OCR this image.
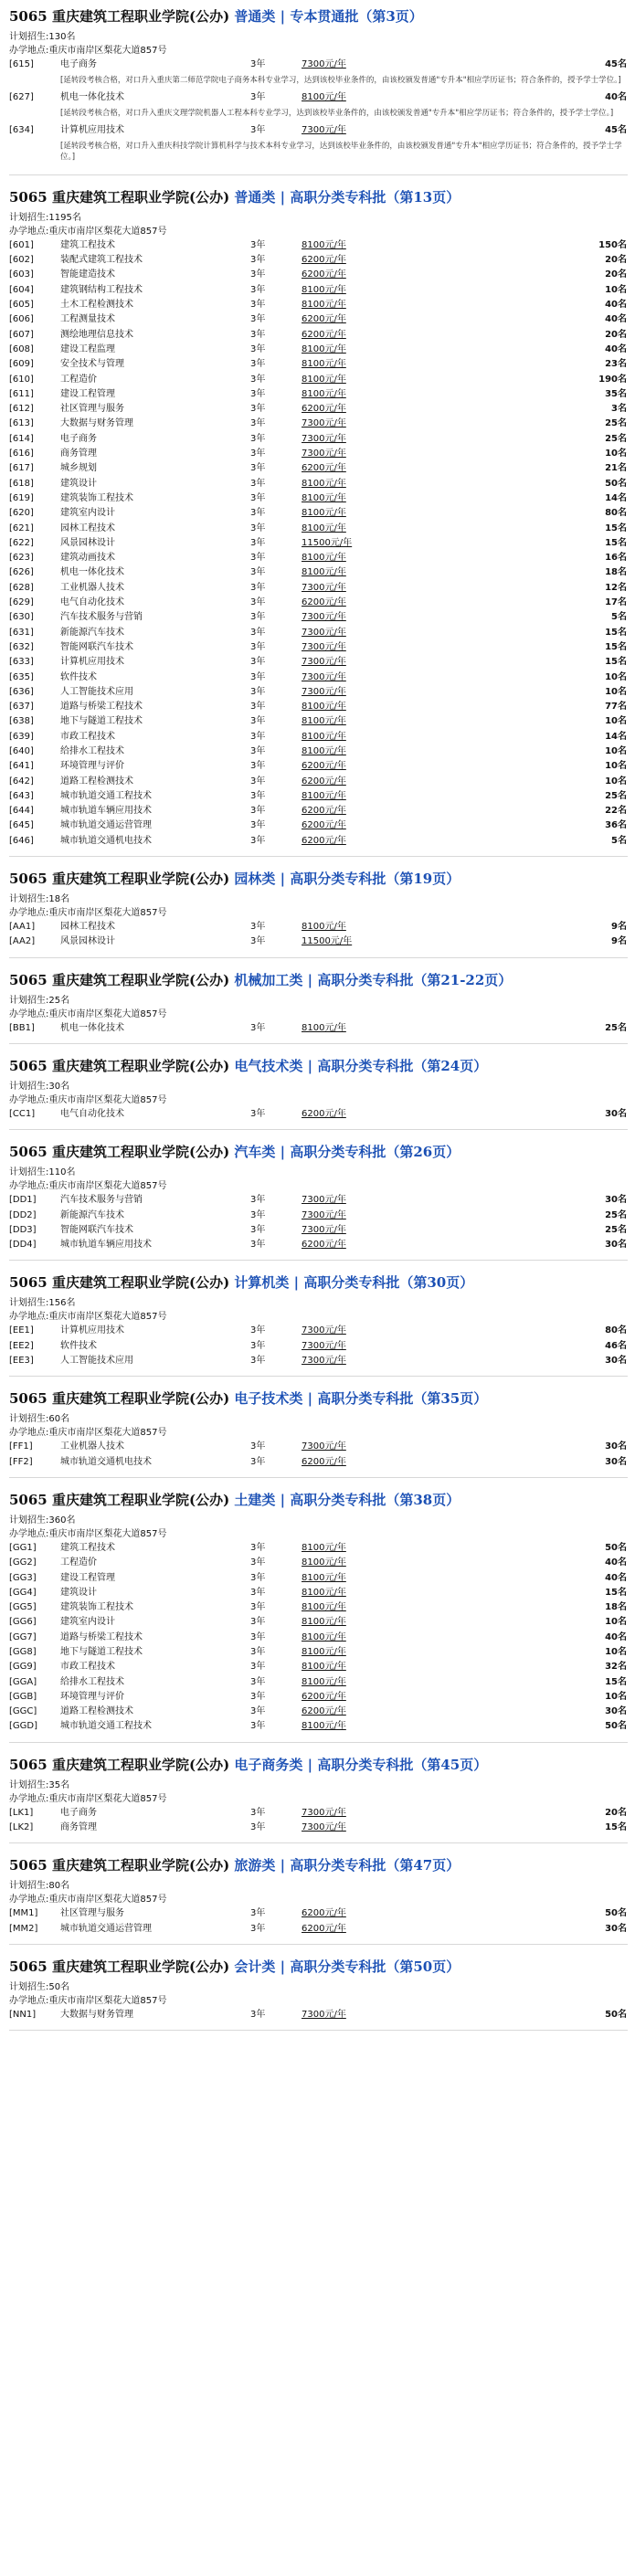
5065 重庆建筑工程职业学院(公办) 普通类 | 专本贯通批（第3页）
计划招生:130名
办学地点:重庆市南岸区梨花大道857号
[615]	电子商务	3年	7300元/年	45名
[延转段考核合格，对口升入重庆第二师范学院电子商务本科专业学习，达到该校毕业条件的，由该校颁发普通"专升本"相应学历证书；符合条件的，授予学士学位。]
[627]	机电一体化技术	3年	8100元/年	40名
[延转段考核合格，对口升入重庆文理学院机器人工程本科专业学习，达到该校毕业条件的，由该校颁发普通"专升本"相应学历证书；符合条件的，授予学士学位。]
[634]	计算机应用技术	3年	7300元/年	45名
[延转段考核合格，对口升入重庆科技学院计算机科学与技术本科专业学习，达到该校毕业条件的，由该校颁发普通"专升本"相应学历证书；符合条件的，授予学士学位。]
5065 重庆建筑工程职业学院(公办) 普通类 | 高职分类专科批（第13页）
计划招生:1195名
办学地点:重庆市南岸区梨花大道857号
[601]	建筑工程技术	3年	8100元/年	150名
[602]	装配式建筑工程技术	3年	6200元/年	20名
[603]	智能建造技术	3年	6200元/年	20名
[604]	建筑钢结构工程技术	3年	8100元/年	10名
[605]	土木工程检测技术	3年	8100元/年	40名
[606]	工程测量技术	3年	6200元/年	40名
[607]	测绘地理信息技术	3年	6200元/年	20名
[608]	建设工程监理	3年	8100元/年	40名
[609]	安全技术与管理	3年	8100元/年	23名
[610]	工程造价	3年	8100元/年	190名
[611]	建设工程管理	3年	8100元/年	35名
[612]	社区管理与服务	3年	6200元/年	3名
[613]	大数据与财务管理	3年	7300元/年	25名
[614]	电子商务	3年	7300元/年	25名
[616]	商务管理	3年	7300元/年	10名
[617]	城乡规划	3年	6200元/年	21名
[618]	建筑设计	3年	8100元/年	50名
[619]	建筑装饰工程技术	3年	8100元/年	14名
[620]	建筑室内设计	3年	8100元/年	80名
[621]	园林工程技术	3年	8100元/年	15名
[622]	风景园林设计	3年	11500元/年	15名
[623]	建筑动画技术	3年	8100元/年	16名
[626]	机电一体化技术	3年	8100元/年	18名
[628]	工业机器人技术	3年	7300元/年	12名
[629]	电气自动化技术	3年	6200元/年	17名
[630]	汽车技术服务与营销	3年	7300元/年	5名
[631]	新能源汽车技术	3年	7300元/年	15名
[632]	智能网联汽车技术	3年	7300元/年	15名
[633]	计算机应用技术	3年	7300元/年	15名
[635]	软件技术	3年	7300元/年	10名
[636]	人工智能技术应用	3年	7300元/年	10名
[637]	道路与桥梁工程技术	3年	8100元/年	77名
[638]	地下与隧道工程技术	3年	8100元/年	10名
[639]	市政工程技术	3年	8100元/年	14名
[640]	给排水工程技术	3年	8100元/年	10名
[641]	环境管理与评价	3年	6200元/年	10名
[642]	道路工程检测技术	3年	6200元/年	10名
[643]	城市轨道交通工程技术	3年	8100元/年	25名
[644]	城市轨道车辆应用技术	3年	6200元/年	22名
[645]	城市轨道交通运营管理	3年	6200元/年	36名
[646]	城市轨道交通机电技术	3年	6200元/年	5名
5065 重庆建筑工程职业学院(公办) 园林类 | 高职分类专科批（第19页）
计划招生:18名
办学地点:重庆市南岸区梨花大道857号
[AA1]	园林工程技术	3年	8100元/年	9名
[AA2]	风景园林设计	3年	11500元/年	9名
5065 重庆建筑工程职业学院(公办) 机械加工类 | 高职分类专科批（第21-22页）
计划招生:25名
办学地点:重庆市南岸区梨花大道857号
[BB1]	机电一体化技术	3年	8100元/年	25名
5065 重庆建筑工程职业学院(公办) 电气技术类 | 高职分类专科批（第24页）
计划招生:30名
办学地点:重庆市南岸区梨花大道857号
[CC1]	电气自动化技术	3年	6200元/年	30名
5065 重庆建筑工程职业学院(公办) 汽车类 | 高职分类专科批（第26页）
计划招生:110名
办学地点:重庆市南岸区梨花大道857号
[DD1]	汽车技术服务与营销	3年	7300元/年	30名
[DD2]	新能源汽车技术	3年	7300元/年	25名
[DD3]	智能网联汽车技术	3年	7300元/年	25名
[DD4]	城市轨道车辆应用技术	3年	6200元/年	30名
5065 重庆建筑工程职业学院(公办) 计算机类 | 高职分类专科批（第30页）
计划招生:156名
办学地点:重庆市南岸区梨花大道857号
[EE1]	计算机应用技术	3年	7300元/年	80名
[EE2]	软件技术	3年	7300元/年	46名
[EE3]	人工智能技术应用	3年	7300元/年	30名
5065 重庆建筑工程职业学院(公办) 电子技术类 | 高职分类专科批（第35页）
计划招生:60名
办学地点:重庆市南岸区梨花大道857号
[FF1]	工业机器人技术	3年	7300元/年	30名
[FF2]	城市轨道交通机电技术	3年	6200元/年	30名
5065 重庆建筑工程职业学院(公办) 土建类 | 高职分类专科批（第38页）
计划招生:360名
办学地点:重庆市南岸区梨花大道857号
[GG1]	建筑工程技术	3年	8100元/年	50名
[GG2]	工程造价	3年	8100元/年	40名
[GG3]	建设工程管理	3年	8100元/年	40名
[GG4]	建筑设计	3年	8100元/年	15名
[GG5]	建筑装饰工程技术	3年	8100元/年	18名
[GG6]	建筑室内设计	3年	8100元/年	10名
[GG7]	道路与桥梁工程技术	3年	8100元/年	40名
[GG8]	地下与隧道工程技术	3年	8100元/年	10名
[GG9]	市政工程技术	3年	8100元/年	32名
[GGA]	给排水工程技术	3年	8100元/年	15名
[GGB]	环境管理与评价	3年	6200元/年	10名
[GGC]	道路工程检测技术	3年	6200元/年	30名
[GGD]	城市轨道交通工程技术	3年	8100元/年	50名
5065 重庆建筑工程职业学院(公办) 电子商务类 | 高职分类专科批（第45页）
计划招生:35名
办学地点:重庆市南岸区梨花大道857号
[LK1]	电子商务	3年	7300元/年	20名
[LK2]	商务管理	3年	7300元/年	15名
5065 重庆建筑工程职业学院(公办) 旅游类 | 高职分类专科批（第47页）
计划招生:80名
办学地点:重庆市南岸区梨花大道857号
[MM1]	社区管理与服务	3年	6200元/年	50名
[MM2]	城市轨道交通运营管理	3年	6200元/年	30名
5065 重庆建筑工程职业学院(公办) 会计类 | 高职分类专科批（第50页）
计划招生:50名
办学地点:重庆市南岸区梨花大道857号
[NN1]	大数据与财务管理	3年	7300元/年	50名
